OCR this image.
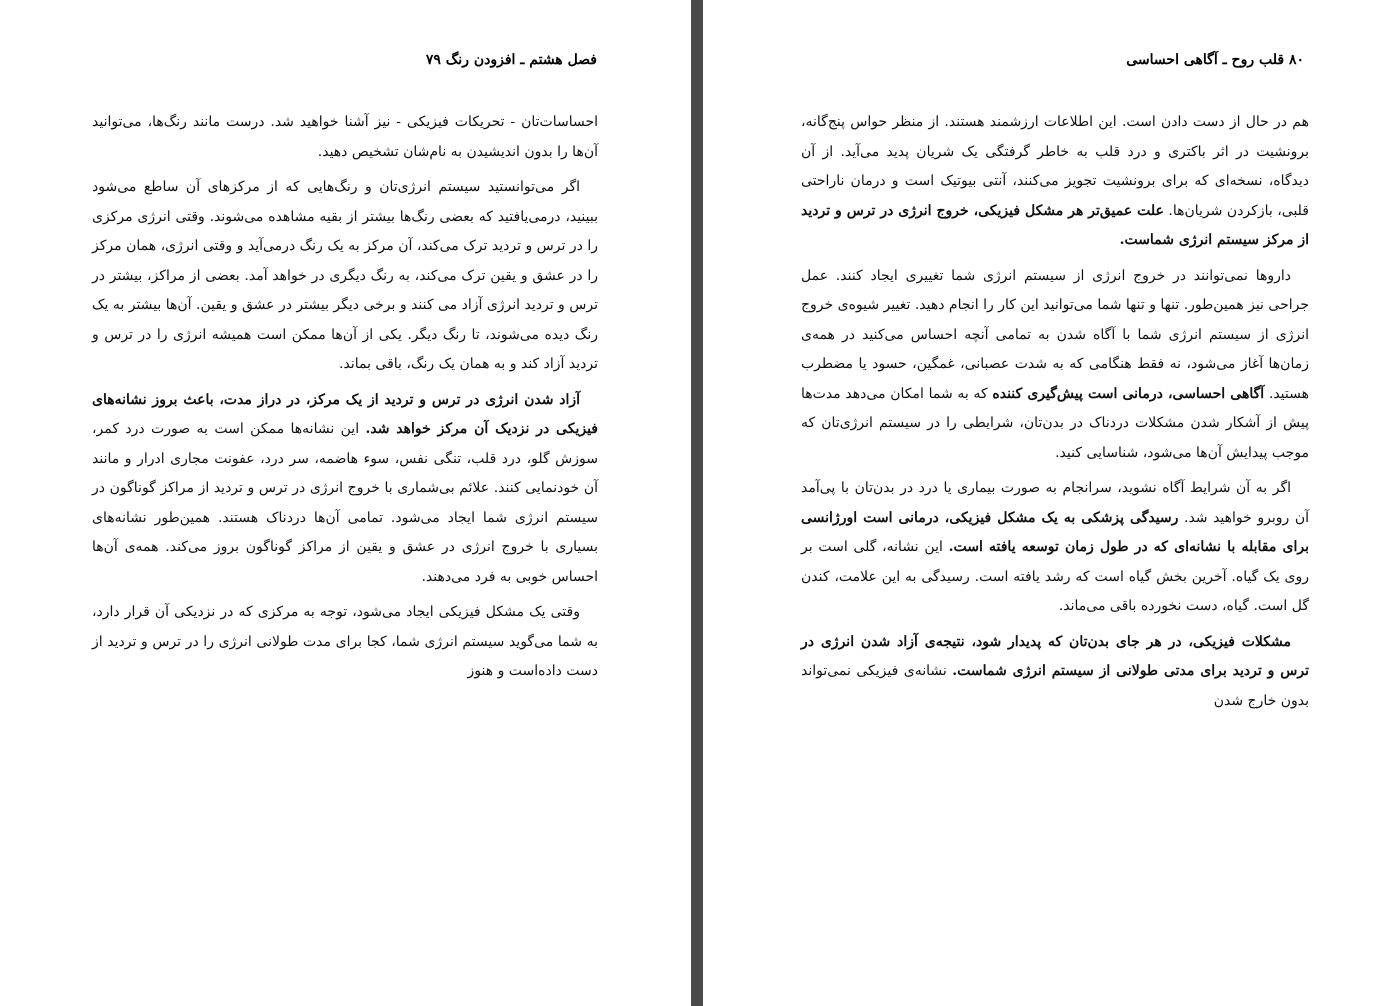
فصل هشتم ـ افزودن رنگ ۷۹

احساسات‌تان - تحریکات فیزیکی - نیز آشنا خواهید شد. درست مانند رنگ‌ها، می‌توانید آن‌ها را بدون اندیشیدن به نام‌شان تشخیص دهید.

اگر می‌توانستید سیستم انرژی‌تان و رنگ‌هایی که از مرکزهای آن ساطع می‌شود ببینید، درمی‌یافتید که بعضی رنگ‌ها بیشتر از بقیه مشاهده می‌شوند. وقتی انرژی مرکزی را در ترس و تردید ترک می‌کند، آن مرکز به یک رنگ درمی‌آید و وقتی انرژی، همان مرکز را در عشق و یقین ترک می‌کند، به رنگ دیگری در خواهد آمد. بعضی از مراکز، بیشتر در ترس و تردید انرژی آزاد می کنند و برخی دیگر بیشتر در عشق و یقین. آن‌ها بیشتر به یک رنگ دیده می‌شوند، تا رنگ دیگر. یکی از آن‌ها ممکن است همیشه انرژی را در ترس و تردید آزاد کند و به همان یک رنگ، باقی بماند.

آزاد شدن انرژی در ترس و تردید از یک مرکز، در دراز مدت، باعث بروز نشانه‌های فیزیکی در نزدیک آن مرکز خواهد شد. این نشانه‌ها ممکن است به صورت درد کمر، سوزش گلو، درد قلب، تنگی نفس، سوء هاضمه، سر درد، عفونت مجاری ادرار و مانند آن خودنمایی کنند. علائم بی‌شماری با خروج انرژی در ترس و تردید از مراکز گوناگون در سیستم انرژی شما ایجاد می‌شود. تمامی آن‌ها دردناک هستند. همین‌طور نشانه‌های بسیاری با خروج انرژی در عشق و یقین از مراکز گوناگون بروز می‌کند. همه‌ی آن‌ها احساس خوبی به فرد می‌دهند.

وقتی یک مشکل فیزیکی ایجاد می‌شود، توجه به مرکزی که در نزدیکی آن قرار دارد، به شما می‌گوید سیستم انرژی شما، کجا برای مدت طولانی انرژی را در ترس و تردید از دست داده‌است و هنوز

۸۰ قلب روح ـ آگاهی احساسی

هم در حال از دست دادن است. این اطلاعات ارزشمند هستند. از منظر حواس پنج‌گانه، برونشیت در اثر باکتری و درد قلب به خاطر گرفتگی یک شریان پدید می‌آید. از آن دیدگاه، نسخه‌ای که برای برونشیت تجویز می‌کنند، آنتی بیوتیک است و درمان ناراحتی قلبی، بازکردن شریان‌ها. علت عمیق‌تر هر مشکل فیزیکی، خروج انرژی در ترس و تردید از مرکز سیستم انرژی شماست.

داروها نمی‌توانند در خروج انرژی از سیستم انرژی شما تغییری ایجاد کنند. عمل جراحی نیز همین‌طور. تنها و تنها شما می‌توانید این کار را انجام دهید. تغییر شیوه‌ی خروج انرژی از سیستم انرژی شما با آگاه شدن به تمامی آنچه احساس می‌کنید در همه‌ی زمان‌ها آغاز می‌شود، نه فقط هنگامی که به شدت عصبانی، غمگین، حسود یا مضطرب هستید. آگاهی احساسی، درمانی است پیش‌گیری کننده که به شما امکان می‌دهد مدت‌ها پیش از آشکار شدن مشکلات دردناک در بدن‌تان، شرایطی را در سیستم انرژی‌تان که موجب پیدایش آن‌ها می‌شود، شناسایی کنید.

اگر به آن شرایط آگاه نشوید، سرانجام به صورت بیماری یا درد در بدن‌تان با پی‌آمد آن روبرو خواهید شد. رسیدگی پزشکی به یک مشکل فیزیکی، درمانی است اورژانسی برای مقابله با نشانه‌ای که در طول زمان توسعه یافته است. این نشانه، گلی است بر روی یک گیاه. آخرین بخش گیاه است که رشد یافته است. رسیدگی به این علامت، کندن گل است. گیاه، دست نخورده باقی می‌ماند.

مشکلات فیزیکی، در هر جای بدن‌تان که پدیدار شود، نتیجه‌ی آزاد شدن انرژی در ترس و تردید برای مدتی طولانی از سیستم انرژی شماست. نشانه‌ی فیزیکی نمی‌تواند بدون خارج شدن
